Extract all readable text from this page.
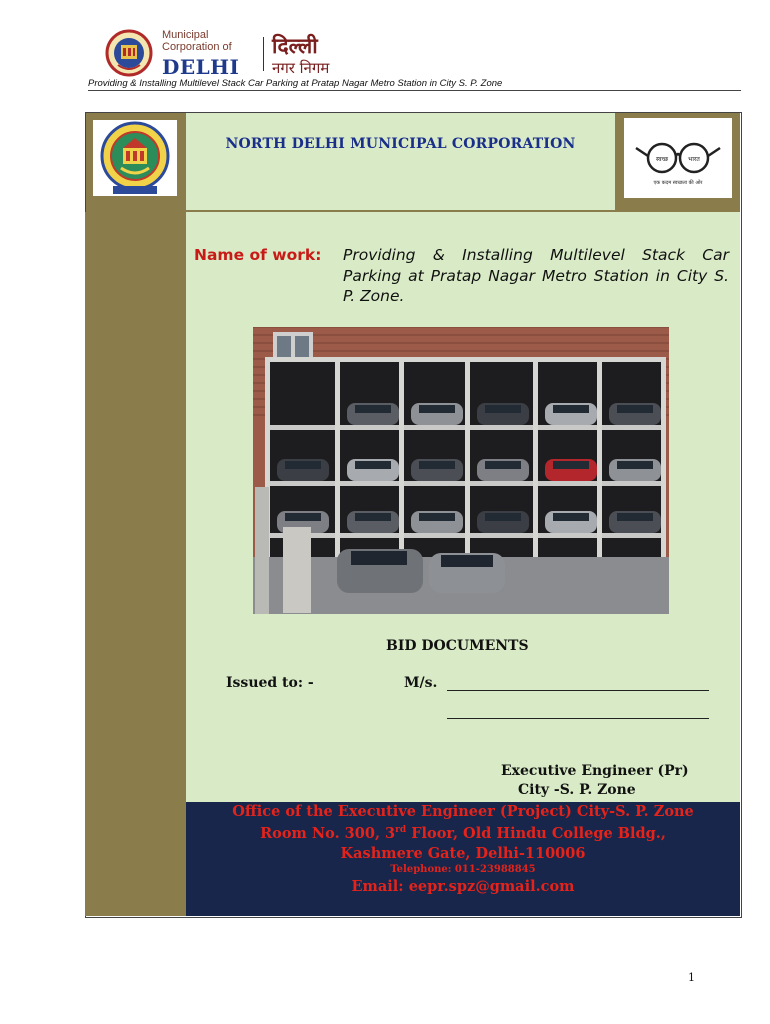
Municipal
Corporation of
DELHI
दिल्ली
नगर निगम
Providing & Installing Multilevel Stack Car Parking at Pratap Nagar Metro Station in City S. P. Zone
NORTH DELHI MUNICIPAL CORPORATION
स्वच्छ	भारत
एक कदम स्वच्छता की ओर
Name of work: Providing & Installing Multilevel Stack Car Parking at Pratap Nagar Metro Station in City S. P. Zone.
BID DOCUMENTS
Issued to: -	M/s.
Executive Engineer (Pr)
City -S. P. Zone
Office of the Executive Engineer (Project) City-S. P. Zone
Room No. 300, 3rd Floor, Old Hindu College Bldg.,
Kashmere Gate, Delhi-110006
Telephone: 011-23988845
Email: eepr.spz@gmail.com
1
